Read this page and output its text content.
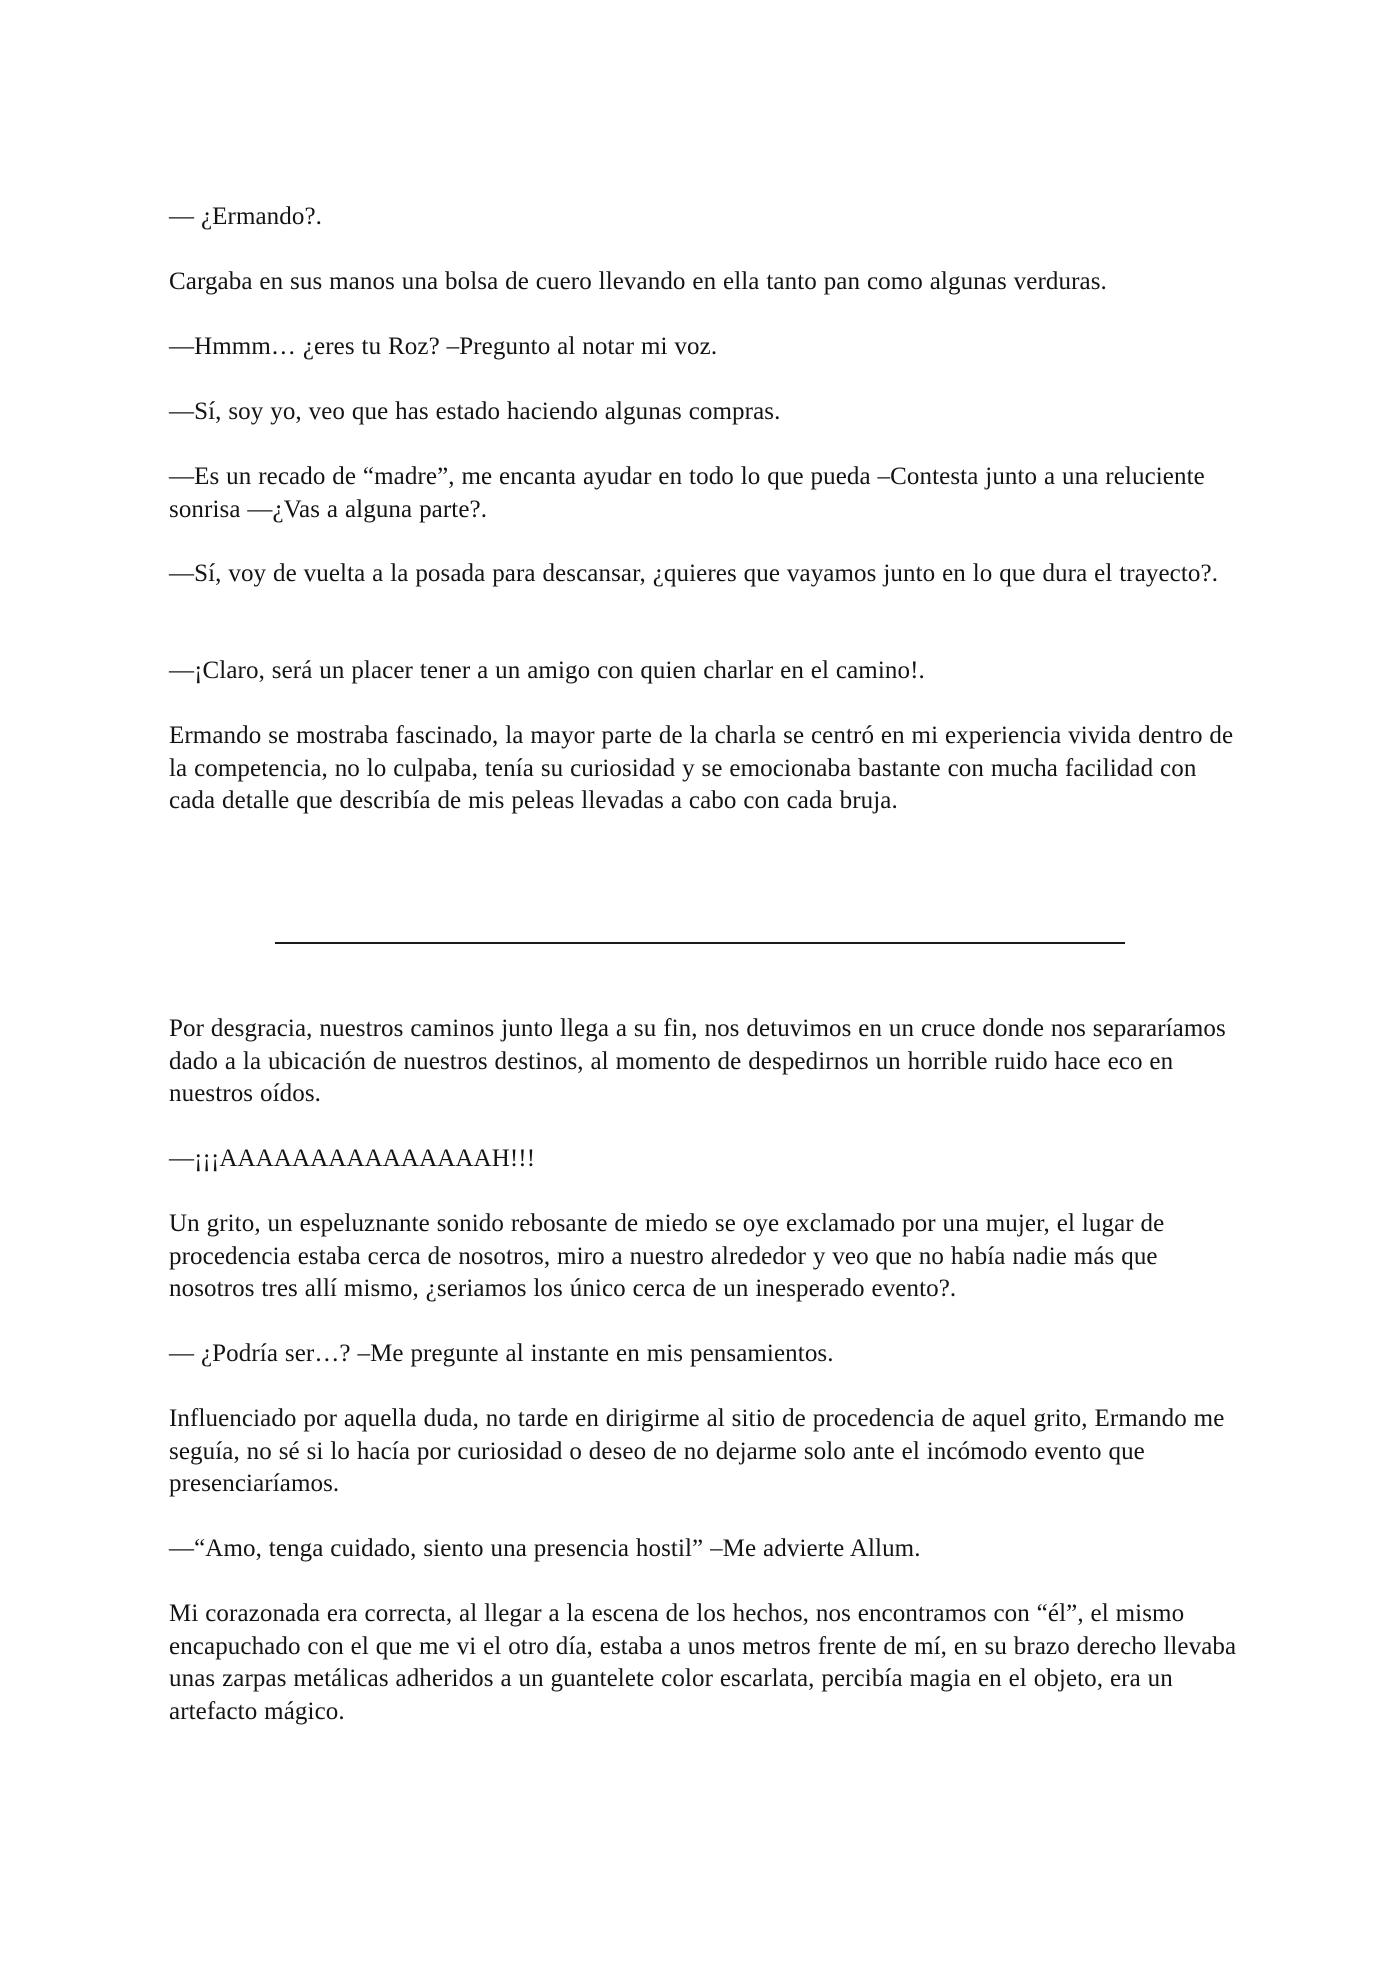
— ¿Ermando?.

Cargaba en sus manos una bolsa de cuero llevando en ella tanto pan como algunas verduras.

—Hmmm… ¿eres tu Roz? –Pregunto al notar mi voz.

—Sí, soy yo, veo que has estado haciendo algunas compras.

—Es un recado de “madre”, me encanta ayudar en todo lo que pueda –Contesta junto a una reluciente sonrisa —¿Vas a alguna parte?.

—Sí, voy de vuelta a la posada para descansar, ¿quieres que vayamos junto en lo que dura el trayecto?.

—¡Claro, será un placer tener a un amigo con quien charlar en el camino!.

Ermando se mostraba fascinado, la mayor parte de la charla se centró en mi experiencia vivida dentro de la competencia, no lo culpaba, tenía su curiosidad y se emocionaba bastante con mucha facilidad con cada detalle que describía de mis peleas llevadas a cabo con cada bruja.

Por desgracia, nuestros caminos junto llega a su fin, nos detuvimos en un cruce donde nos separaríamos dado a la ubicación de nuestros destinos, al momento de despedirnos un horrible ruido hace eco en nuestros oídos.

—¡¡¡AAAAAAAAAAAAAAAH!!!

Un grito, un espeluznante sonido rebosante de miedo se oye exclamado por una mujer, el lugar de procedencia estaba cerca de nosotros, miro a nuestro alrededor y veo que no había nadie más que nosotros tres allí mismo, ¿seriamos los único cerca de un inesperado evento?.

— ¿Podría ser…? –Me pregunte al instante en mis pensamientos.

Influenciado por aquella duda, no tarde en dirigirme al sitio de procedencia de aquel grito, Ermando me seguía, no sé si lo hacía por curiosidad o deseo de no dejarme solo ante el incómodo evento que presenciaríamos.

—“Amo, tenga cuidado, siento una presencia hostil” –Me advierte Allum.

Mi corazonada era correcta, al llegar a la escena de los hechos, nos encontramos con “él”, el mismo encapuchado con el que me vi el otro día, estaba a unos metros frente de mí, en su brazo derecho llevaba unas zarpas metálicas adheridos a un guantelete color escarlata, percibía magia en el objeto, era un artefacto mágico.
